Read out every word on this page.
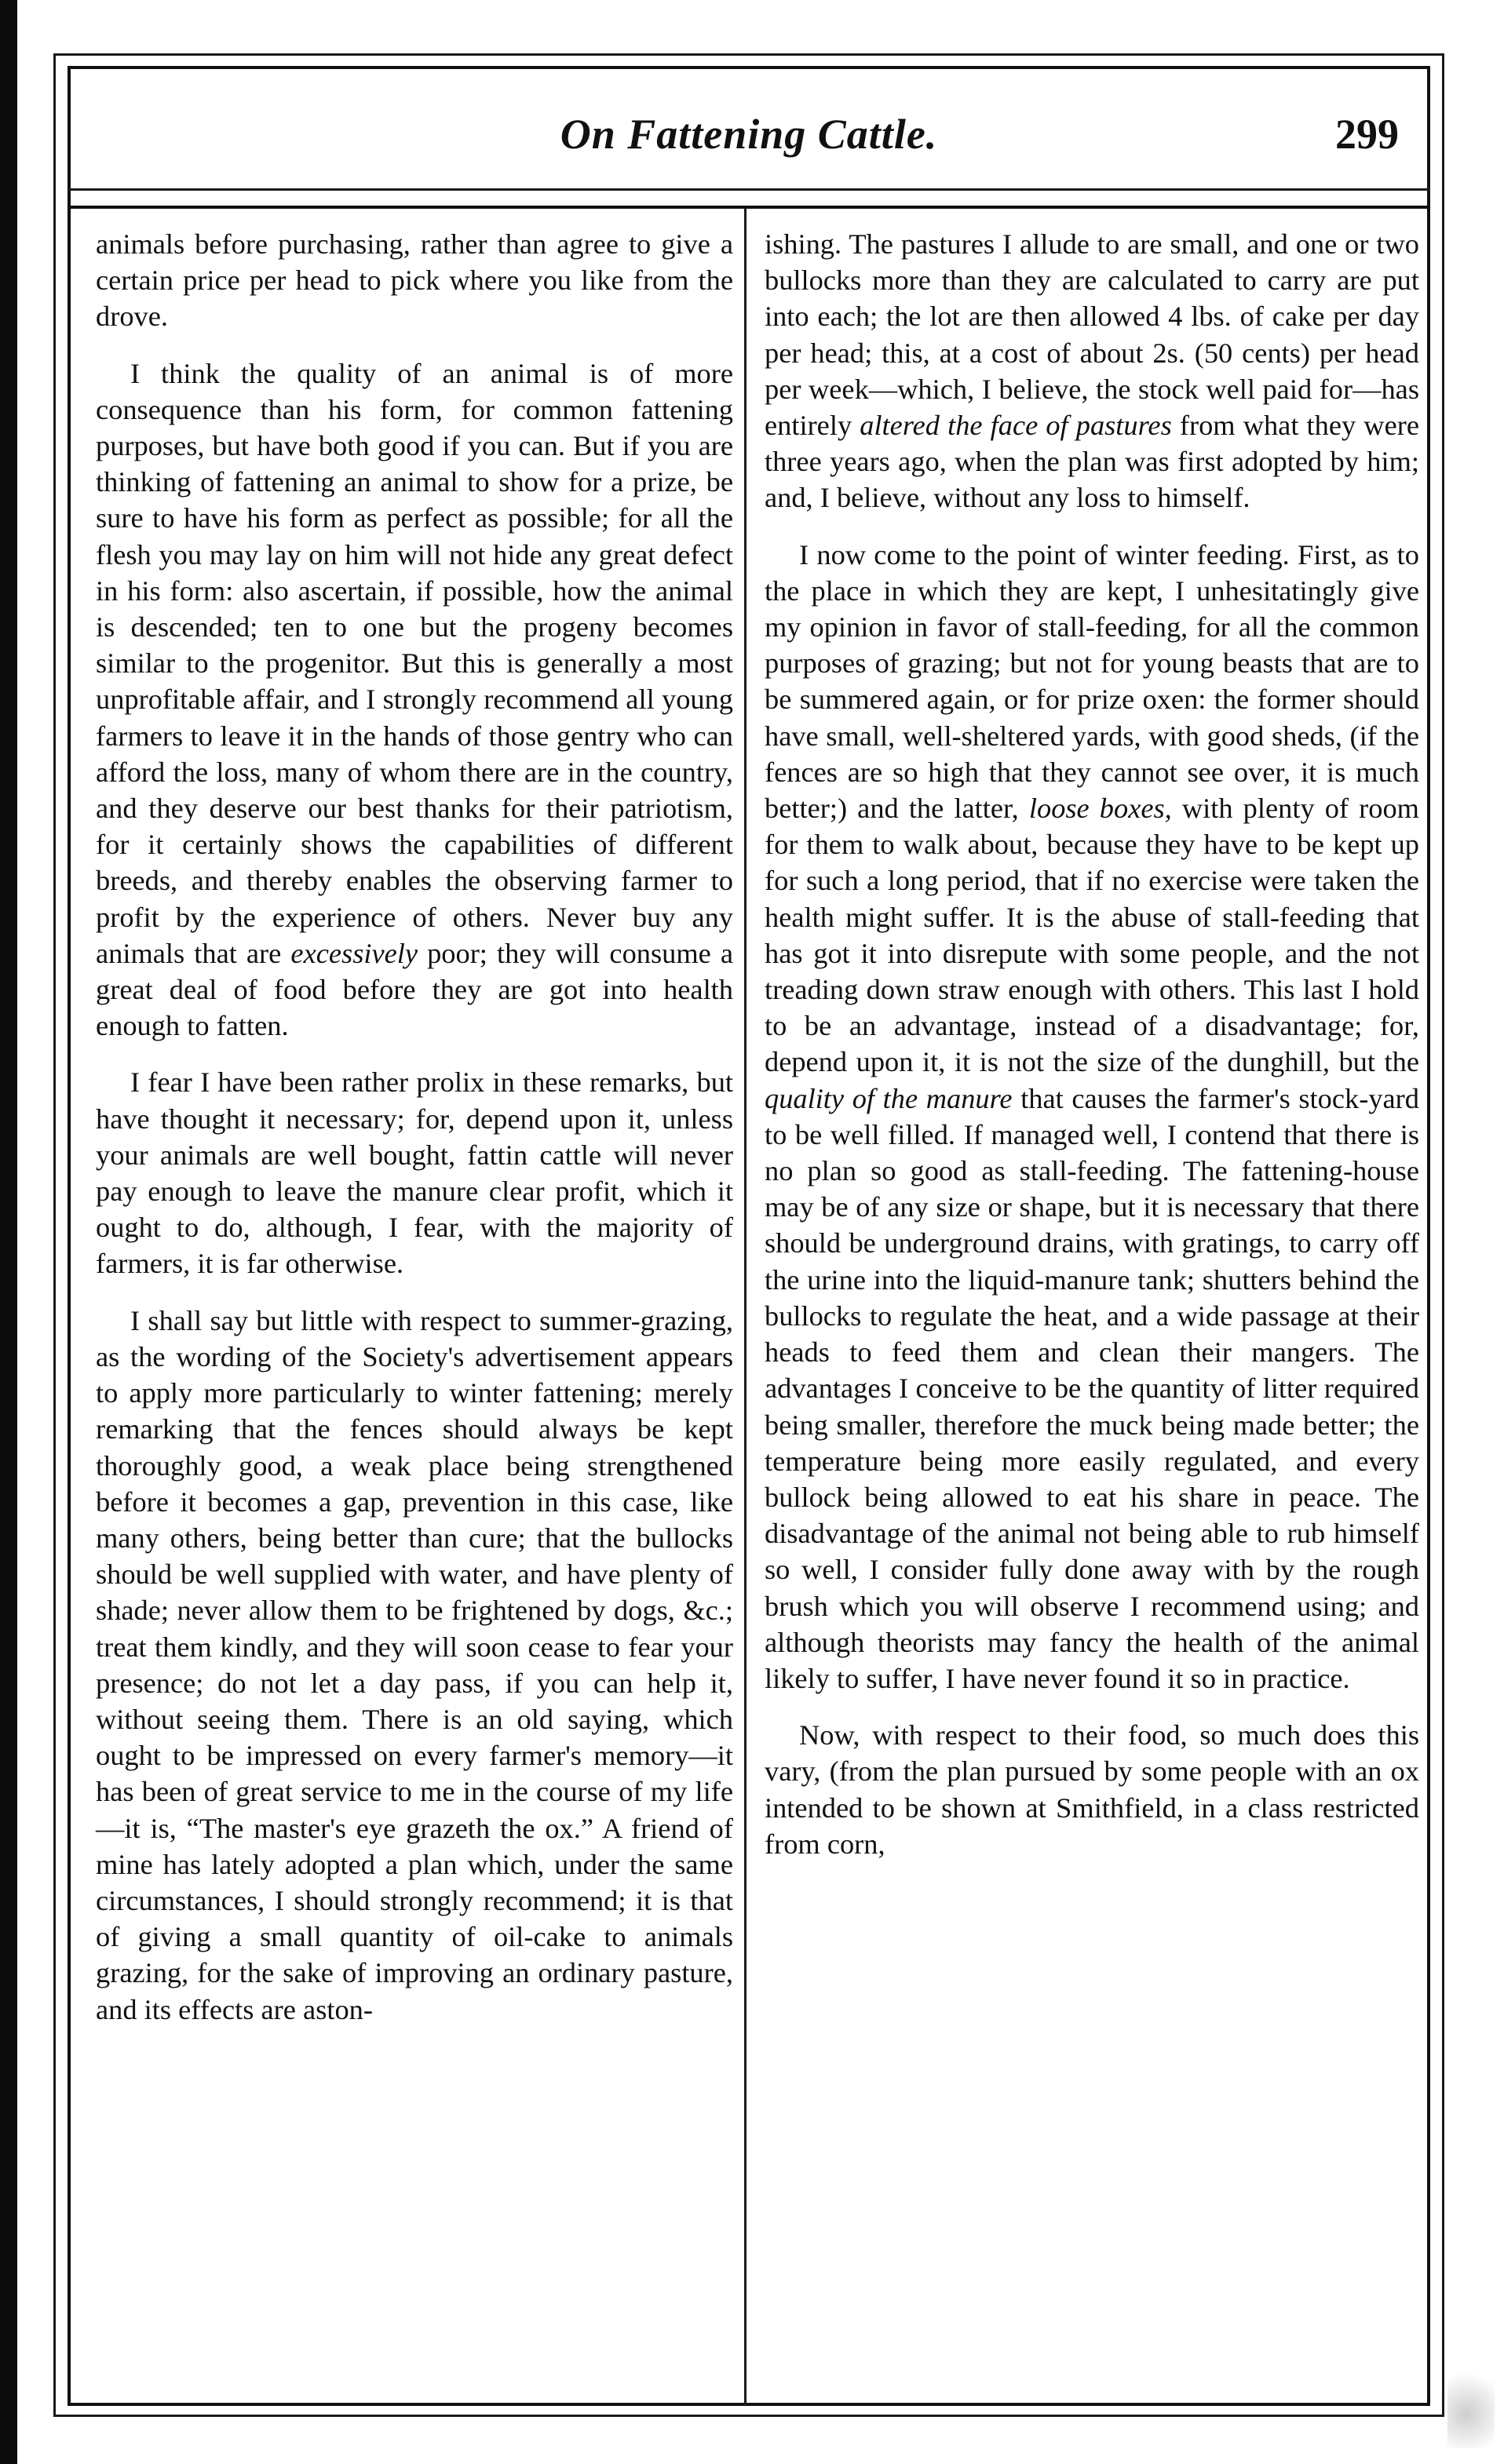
On Fattening Cattle.	299

animals before purchasing, rather than agree to give a certain price per head to pick where you like from the drove.

I think the quality of an animal is of more consequence than his form, for common fattening purposes, but have both good if you can. But if you are thinking of fattening an animal to show for a prize, be sure to have his form as perfect as possible; for all the flesh you may lay on him will not hide any great defect in his form: also ascertain, if possible, how the animal is descended; ten to one but the progeny becomes similar to the progenitor. But this is generally a most unprofitable affair, and I strongly recommend all young farmers to leave it in the hands of those gentry who can afford the loss, many of whom there are in the country, and they deserve our best thanks for their patriotism, for it certainly shows the capabilities of different breeds, and thereby enables the observing farmer to profit by the experience of others. Never buy any animals that are excessively poor; they will consume a great deal of food before they are got into health enough to fatten.

I fear I have been rather prolix in these remarks, but have thought it necessary; for, depend upon it, unless your animals are well bought, fattin cattle will never pay enough to leave the manure clear profit, which it ought to do, although, I fear, with the majority of farmers, it is far otherwise.

I shall say but little with respect to summer-grazing, as the wording of the Society's advertisement appears to apply more particularly to winter fattening; merely remarking that the fences should always be kept thoroughly good, a weak place being strengthened before it becomes a gap, prevention in this case, like many others, being better than cure; that the bullocks should be well supplied with water, and have plenty of shade; never allow them to be frightened by dogs, &c.; treat them kindly, and they will soon cease to fear your presence; do not let a day pass, if you can help it, without seeing them. There is an old saying, which ought to be impressed on every farmer's memory—it has been of great service to me in the course of my life—it is, “The master's eye grazeth the ox.” A friend of mine has lately adopted a plan which, under the same circumstances, I should strongly recommend; it is that of giving a small quantity of oil-cake to animals grazing, for the sake of improving an ordinary pasture, and its effects are aston-

ishing. The pastures I allude to are small, and one or two bullocks more than they are calculated to carry are put into each; the lot are then allowed 4 lbs. of cake per day per head; this, at a cost of about 2s. (50 cents) per head per week—which, I believe, the stock well paid for—has entirely altered the face of pastures from what they were three years ago, when the plan was first adopted by him; and, I believe, without any loss to himself.

I now come to the point of winter feeding. First, as to the place in which they are kept, I unhesitatingly give my opinion in favor of stall-feeding, for all the common purposes of grazing; but not for young beasts that are to be summered again, or for prize oxen: the former should have small, well-sheltered yards, with good sheds, (if the fences are so high that they cannot see over, it is much better;) and the latter, loose boxes, with plenty of room for them to walk about, because they have to be kept up for such a long period, that if no exercise were taken the health might suffer. It is the abuse of stall-feeding that has got it into disrepute with some people, and the not treading down straw enough with others. This last I hold to be an advantage, instead of a disadvantage; for, depend upon it, it is not the size of the dunghill, but the quality of the manure that causes the farmer's stock-yard to be well filled. If managed well, I contend that there is no plan so good as stall-feeding. The fattening-house may be of any size or shape, but it is necessary that there should be underground drains, with gratings, to carry off the urine into the liquid-manure tank; shutters behind the bullocks to regulate the heat, and a wide passage at their heads to feed them and clean their mangers. The advantages I conceive to be the quantity of litter required being smaller, therefore the muck being made better; the temperature being more easily regulated, and every bullock being allowed to eat his share in peace. The disadvantage of the animal not being able to rub himself so well, I consider fully done away with by the rough brush which you will observe I recommend using; and although theorists may fancy the health of the animal likely to suffer, I have never found it so in practice.

Now, with respect to their food, so much does this vary, (from the plan pursued by some people with an ox intended to be shown at Smithfield, in a class restricted from corn,
